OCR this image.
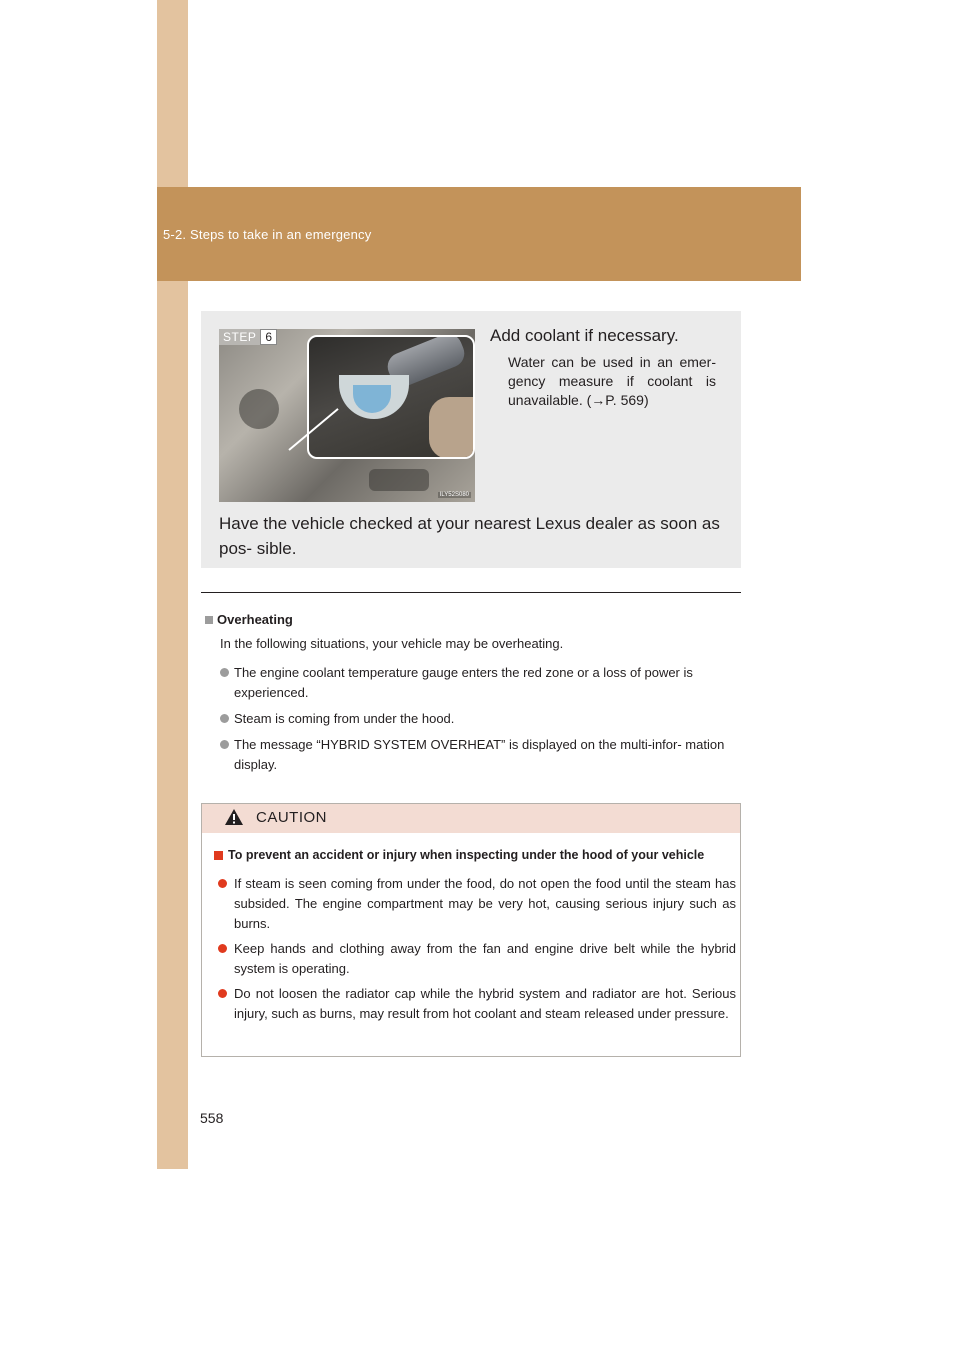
5-2. Steps to take in an emergency
ILY52S080
STEP 6	Add coolant if necessary.
Water can be used in an emer- gency measure if coolant is unavailable. (→P. 569)
Have the vehicle checked at your nearest Lexus dealer as soon as pos- sible.
Overheating
In the following situations, your vehicle may be overheating.
The engine coolant temperature gauge enters the red zone or a loss of power is experienced.
Steam is coming from under the hood.
The message “HYBRID SYSTEM OVERHEAT” is displayed on the multi-infor- mation display.
CAUTION
To prevent an accident or injury when inspecting under the hood of your vehicle
If steam is seen coming from under the food, do not open the food until the steam has subsided. The engine compartment may be very hot, causing serious injury such as burns.
Keep hands and clothing away from the fan and engine drive belt while the hybrid system is operating.
Do not loosen the radiator cap while the hybrid system and radiator are hot. Serious injury, such as burns, may result from hot coolant and steam released under pressure.
558
